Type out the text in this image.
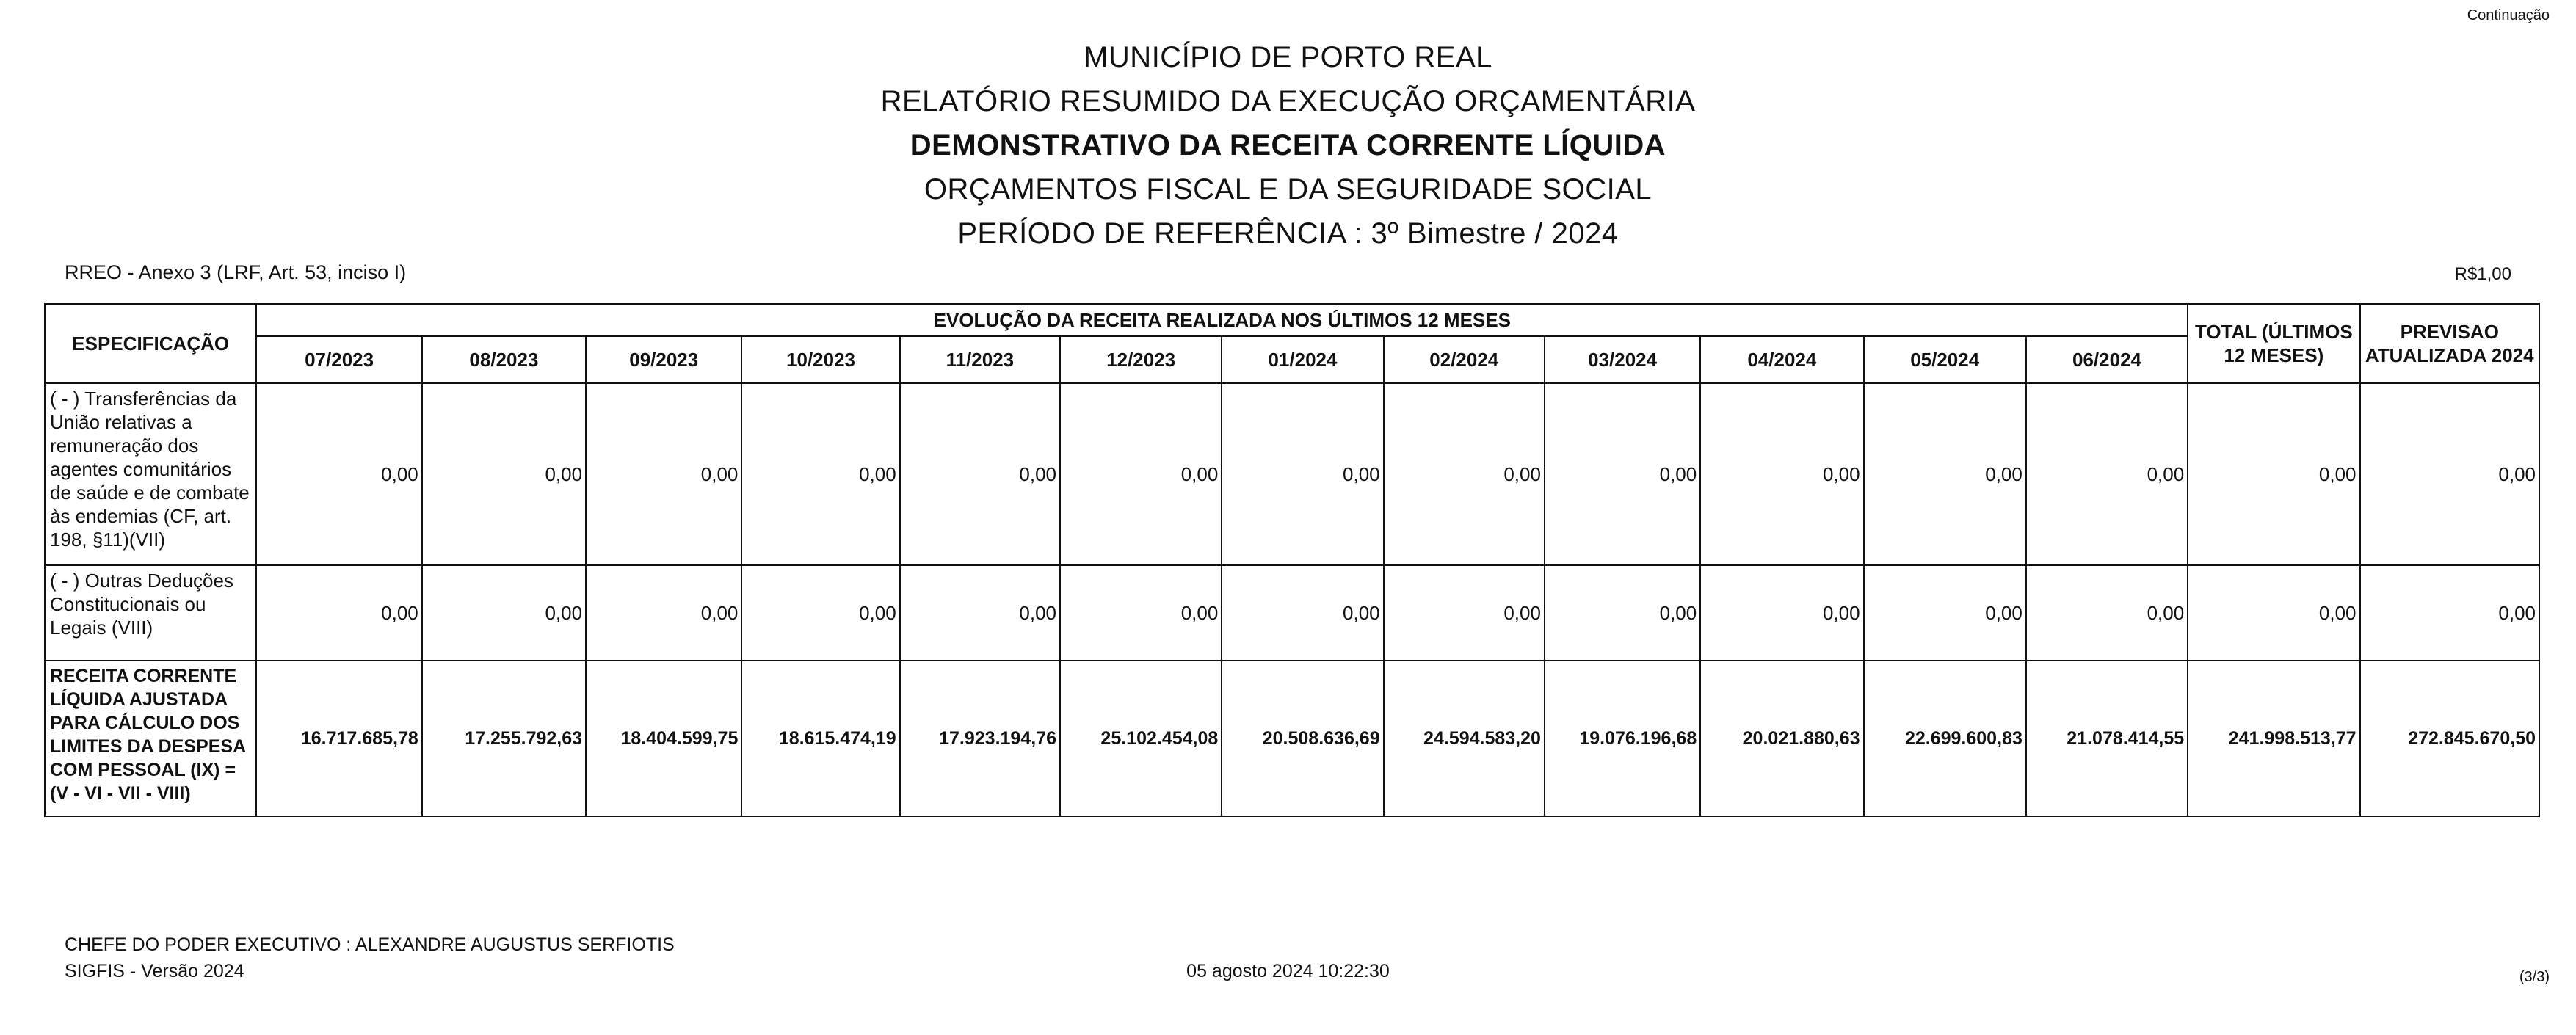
Continuação
MUNICÍPIO DE PORTO REAL
RELATÓRIO RESUMIDO DA EXECUÇÃO ORÇAMENTÁRIA
DEMONSTRATIVO DA RECEITA CORRENTE LÍQUIDA
ORÇAMENTOS FISCAL E DA SEGURIDADE SOCIAL
PERÍODO DE REFERÊNCIA : 3º Bimestre / 2024
RREO - Anexo 3 (LRF, Art. 53, inciso I)	R$1,00
ESPECIFICAÇÃO	EVOLUÇÃO DA RECEITA REALIZADA NOS ÚLTIMOS 12 MESES												TOTAL (ÚLTIMOS 12 MESES)	PREVISAO ATUALIZADA 2024
	07/2023	08/2023	09/2023	10/2023	11/2023	12/2023	01/2024	02/2024	03/2024	04/2024	05/2024	06/2024		
( - ) Transferências da União relativas a remuneração dos agentes comunitários de saúde e de combate às endemias (CF, art. 198, §11)(VII)	0,00	0,00	0,00	0,00	0,00	0,00	0,00	0,00	0,00	0,00	0,00	0,00	0,00	0,00
( - ) Outras Deduções Constitucionais ou Legais (VIII)	0,00	0,00	0,00	0,00	0,00	0,00	0,00	0,00	0,00	0,00	0,00	0,00	0,00	0,00
RECEITA CORRENTE LÍQUIDA AJUSTADA PARA CÁLCULO DOS LIMITES DA DESPESA COM PESSOAL (IX) = (V - VI - VII - VIII)	16.717.685,78	17.255.792,63	18.404.599,75	18.615.474,19	17.923.194,76	25.102.454,08	20.508.636,69	24.594.583,20	19.076.196,68	20.021.880,63	22.699.600,83	21.078.414,55	241.998.513,77	272.845.670,50
CHEFE DO PODER EXECUTIVO : ALEXANDRE AUGUSTUS SERFIOTIS
SIGFIS - Versão 2024	05 agosto 2024 10:22:30	(3/3)
